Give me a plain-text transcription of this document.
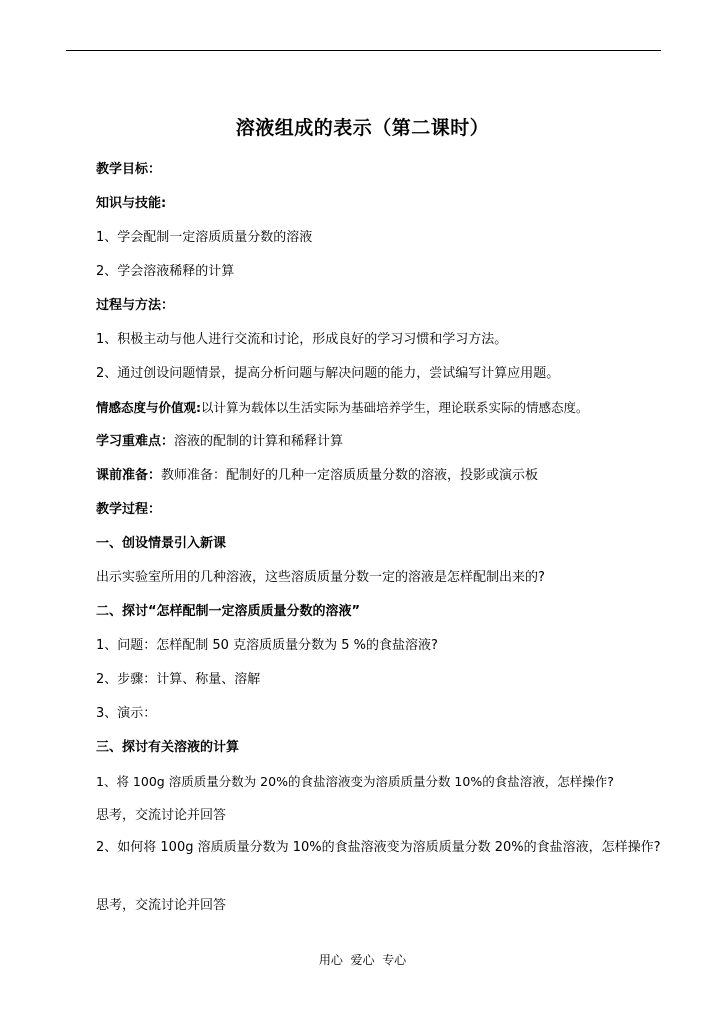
溶液组成的表示（第二课时）
教学目标：
知识与技能:
1、学会配制一定溶质质量分数的溶液
2、学会溶液稀释的计算
过程与方法：
1、积极主动与他人进行交流和讨论，形成良好的学习习惯和学习方法。
2、通过创设问题情景，提高分析问题与解决问题的能力，尝试编写计算应用题。
情感态度与价值观:以计算为载体以生活实际为基础培养学生，理论联系实际的情感态度。
学习重难点：溶液的配制的计算和稀释计算
课前准备：教师准备：配制好的几种一定溶质质量分数的溶液，投影或演示板
教学过程：
一、创设情景引入新课
出示实验室所用的几种溶液，这些溶质质量分数一定的溶液是怎样配制出来的?
二、探讨“怎样配制一定溶质质量分数的溶液”
1、问题：怎样配制 50 克溶质质量分数为 5 %的食盐溶液?
2、步骤：计算、称量、溶解
3、演示：
三、探讨有关溶液的计算
1、将 100g 溶质质量分数为 20%的食盐溶液变为溶质质量分数 10%的食盐溶液，怎样操作?
思考，交流讨论并回答
2、如何将 100g 溶质质量分数为 10%的食盐溶液变为溶质质量分数 20%的食盐溶液，怎样操作?
思考，交流讨论并回答
用心  爱心  专心
